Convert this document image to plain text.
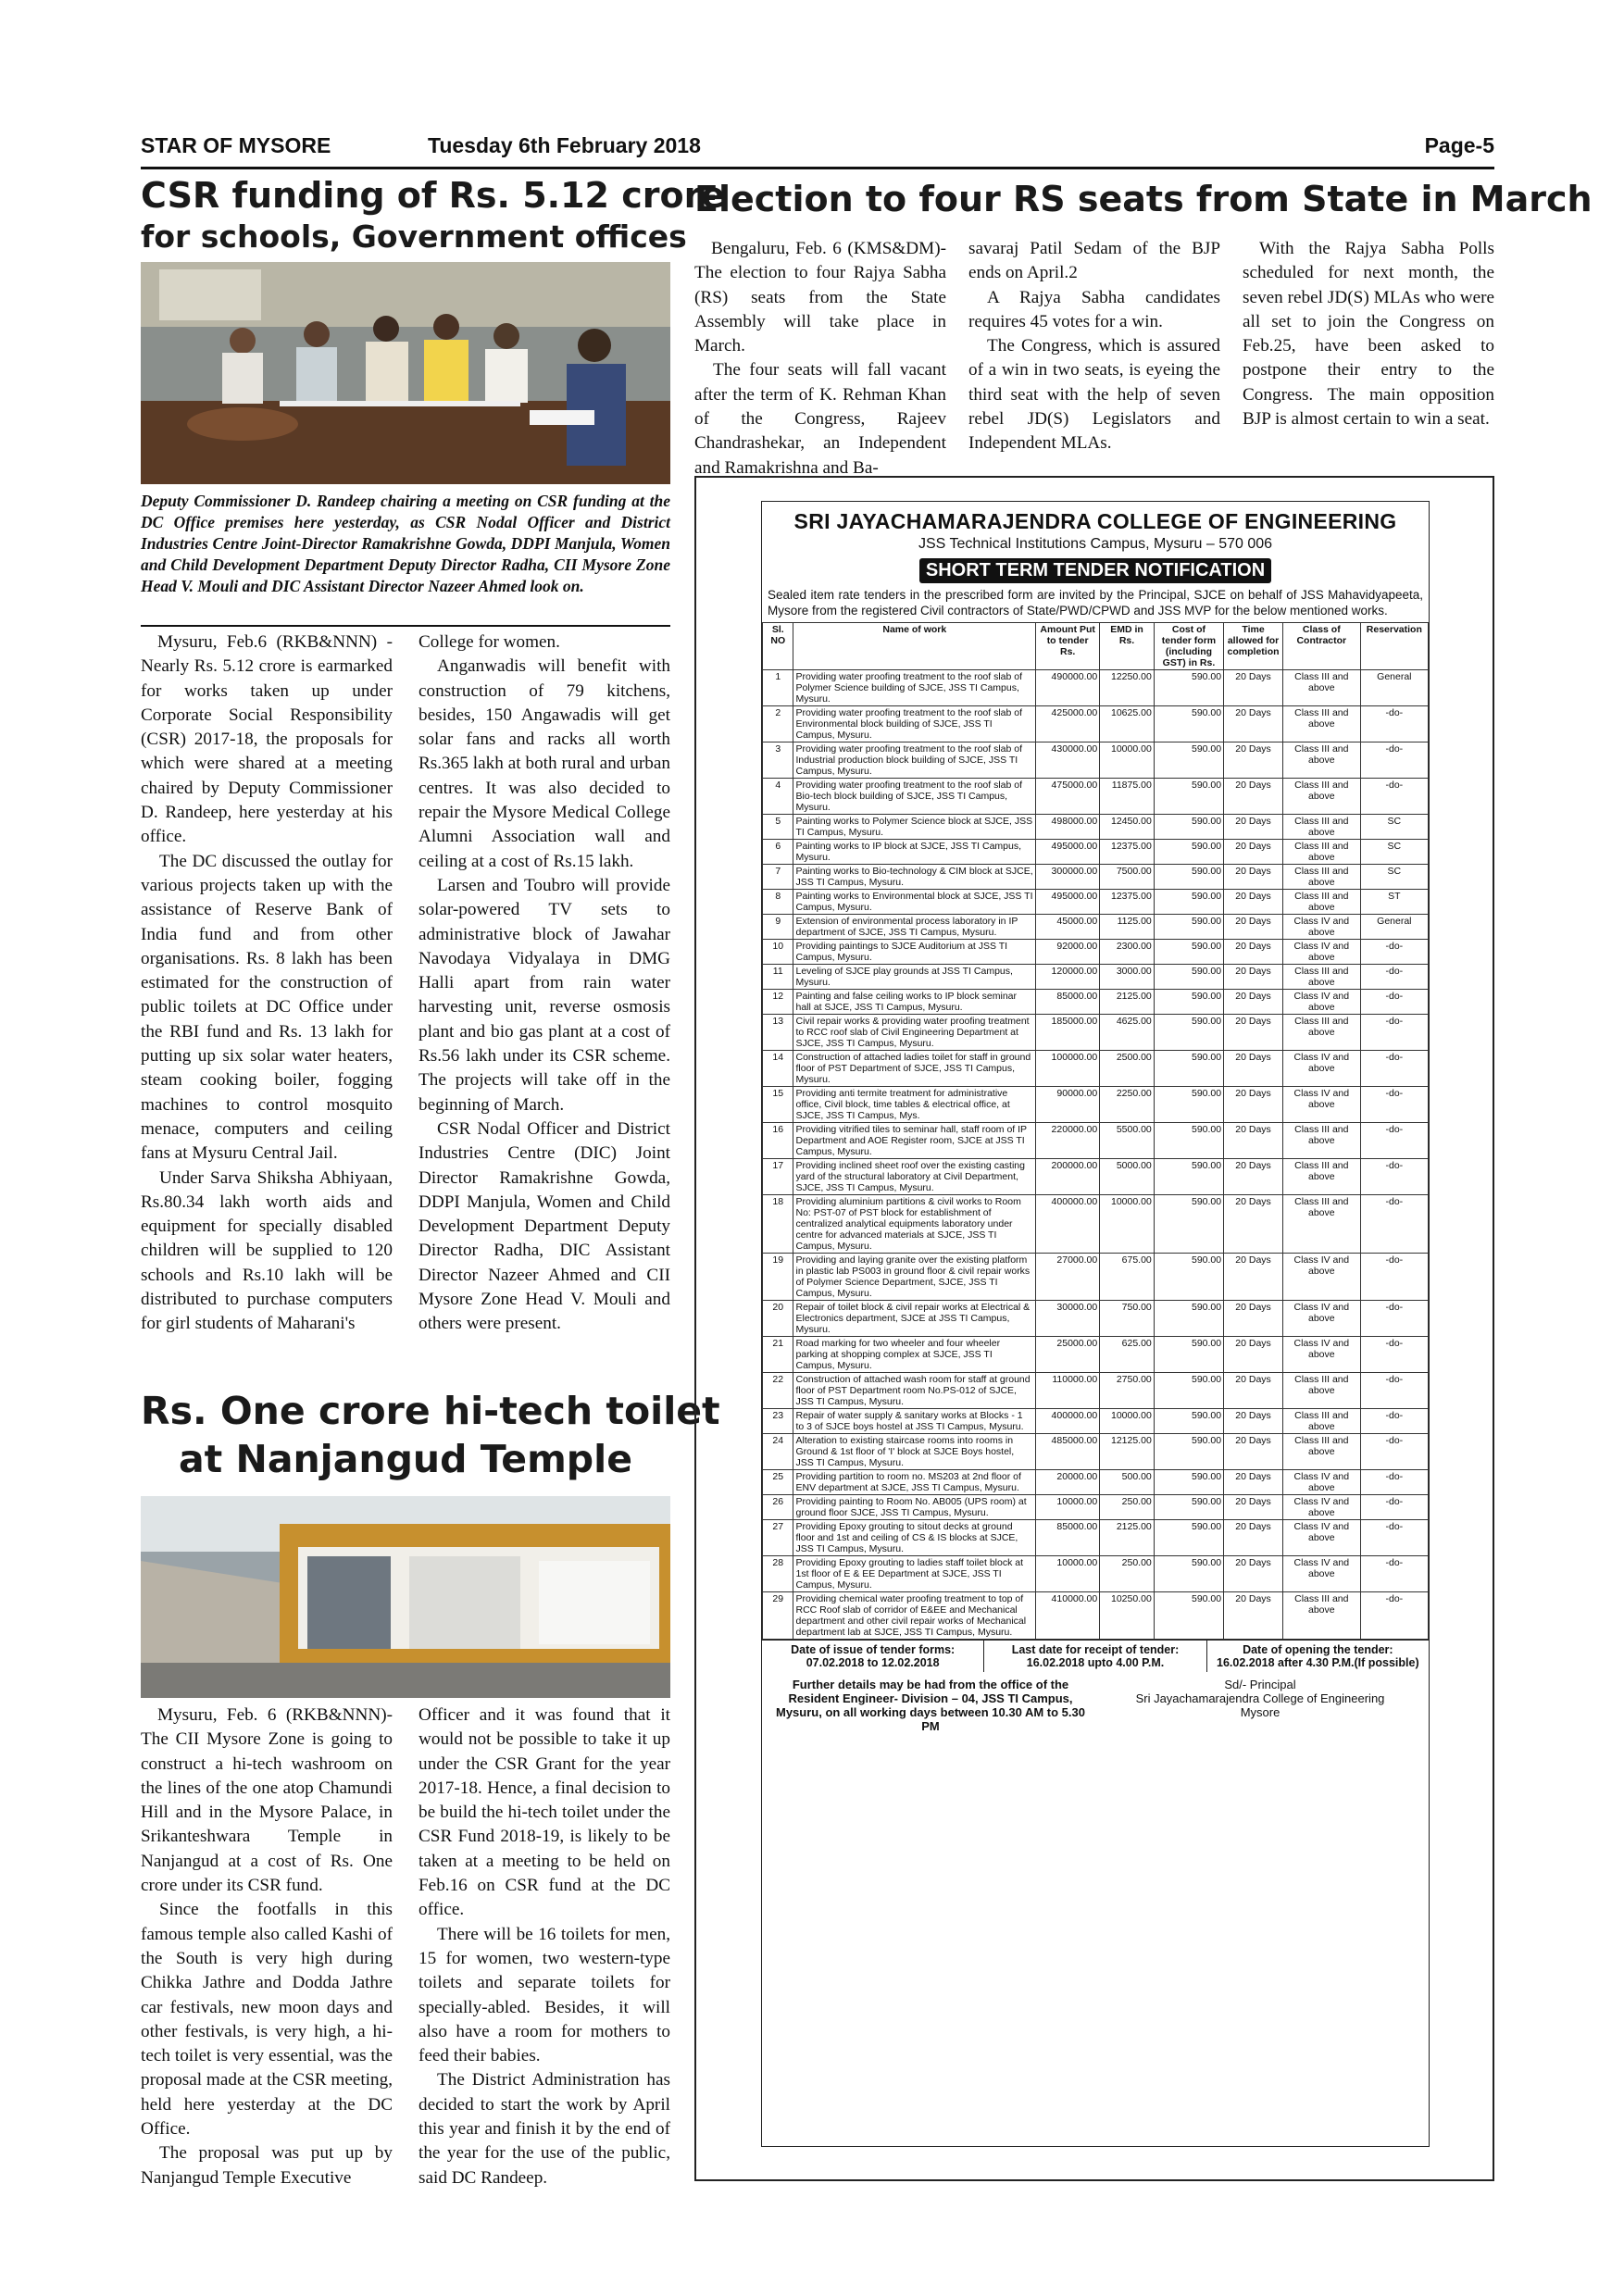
STAR OF MYSORE	Tuesday 6th February 2018	Page-5
CSR funding of Rs. 5.12 crore
for schools, Government offices
Deputy Commissioner D. Randeep chairing a meeting on CSR funding at the DC Office premises here yesterday, as CSR Nodal Officer and District Industries Centre Joint-Director Ramakrishne Gowda, DDPI Manjula, Women and Child Development Department Deputy Director Radha, CII Mysore Zone Head V. Mouli and DIC Assistant Director Nazeer Ahmed look on.

Mysuru, Feb.6 (RKB&NNN) - Nearly Rs. 5.12 crore is earmarked for works taken up under Corporate Social Responsibility (CSR) 2017-18, the proposals for which were shared at a meeting chaired by Deputy Commissioner D. Randeep, here yesterday at his office.

The DC discussed the outlay for various projects taken up with the assistance of Reserve Bank of India fund and from other organisations. Rs. 8 lakh has been estimated for the construction of public toilets at DC Office under the RBI fund and Rs. 13 lakh for putting up six solar water heaters, steam cooking boiler, fogging machines to control mosquito menace, computers and ceiling fans at Mysuru Central Jail.

Under Sarva Shiksha Abhiyaan, Rs.80.34 lakh worth aids and equipment for specially disabled children will be supplied to 120 schools and Rs.10 lakh will be distributed to purchase computers for girl students of Maharani's

College for women.

Anganwadis will benefit with construction of 79 kitchens, besides, 150 Angawadis will get solar fans and racks all worth Rs.365 lakh at both rural and urban centres. It was also decided to repair the Mysore Medical College Alumni Association wall and ceiling at a cost of Rs.15 lakh.

Larsen and Toubro will provide solar-powered TV sets to administrative block of Jawahar Navodaya Vidyalaya in DMG Halli apart from rain water harvesting unit, reverse osmosis plant and bio gas plant at a cost of Rs.56 lakh under its CSR scheme. The projects will take off in the beginning of March.

CSR Nodal Officer and District Industries Centre (DIC) Joint Director Ramakrishne Gowda, DDPI Manjula, Women and Child Development Department Deputy Director Radha, DIC Assistant Director Nazeer Ahmed and CII Mysore Zone Head V. Mouli and others were present.

Rs. One crore hi-tech toilet
at Nanjangud Temple

Mysuru, Feb. 6 (RKB&NNN)- The CII Mysore Zone is going to construct a hi-tech washroom on the lines of the one atop Chamundi Hill and in the Mysore Palace, in Srikanteshwara Temple in Nanjangud at a cost of Rs. One crore under its CSR fund.

Since the footfalls in this famous temple also called Kashi of the South is very high during Chikka Jathre and Dodda Jathre car festivals, new moon days and other festivals, is very high, a hi-tech toilet is very essential, was the proposal made at the CSR meeting, held here yesterday at the DC Office.

The proposal was put up by Nanjangud Temple Executive

Officer and it was found that it would not be possible to take it up under the CSR Grant for the year 2017-18. Hence, a final decision to be build the hi-tech toilet under the CSR Fund 2018-19, is likely to be taken at a meeting to be held on Feb.16 on CSR fund at the DC office.

There will be 16 toilets for men, 15 for women, two western-type toilets and separate toilets for specially-abled. Besides, it will also have a room for mothers to feed their babies.

The District Administration has decided to start the work by April this year and finish it by the end of the year for the use of the public, said DC Randeep.

Election to four RS seats from State in March

Bengaluru, Feb. 6 (KMS&DM)- The election to four Rajya Sabha (RS) seats from the State Assembly will take place in March.

The four seats will fall vacant after the term of K. Rehman Khan of the Congress, Rajeev Chandrashekar, an Independent and Ramakrishna and Ba-

savaraj Patil Sedam of the BJP ends on April.2

A Rajya Sabha candidates requires 45 votes for a win.

The Congress, which is assured of a win in two seats, is eyeing the third seat with the help of seven rebel JD(S) Legislators and Independent MLAs.

With the Rajya Sabha Polls scheduled for next month, the seven rebel JD(S) MLAs who were all set to join the Congress on Feb.25, have been asked to postpone their entry to the Congress. The main opposition BJP is almost certain to win a seat.

SRI JAYACHAMARAJENDRA COLLEGE OF ENGINEERING
JSS Technical Institutions Campus, Mysuru – 570 006
SHORT TERM TENDER NOTIFICATION
Sealed item rate tenders in the prescribed form are invited by the Principal, SJCE on behalf of JSS Mahavidyapeeta, Mysore from the registered Civil contractors of State/PWD/CPWD and JSS MVP for the below mentioned works.
Sl. NO	Name of work	Amount Put to tender Rs.	EMD in Rs.	Cost of tender form (including GST) in Rs.	Time allowed for completion	Class of Contractor	Reservation
1	Providing water proofing treatment to the roof slab of Polymer Science building of SJCE, JSS TI Campus, Mysuru.	490000.00	12250.00	590.00	20 Days	Class III and above	General
2	Providing water proofing treatment to the roof slab of Environmental block building of SJCE, JSS TI Campus, Mysuru.	425000.00	10625.00	590.00	20 Days	Class III and above	-do-
3	Providing water proofing treatment to the roof slab of Industrial production block building of SJCE, JSS TI Campus, Mysuru.	430000.00	10000.00	590.00	20 Days	Class III and above	-do-
4	Providing water proofing treatment to the roof slab of Bio-tech block building of SJCE, JSS TI Campus, Mysuru.	475000.00	11875.00	590.00	20 Days	Class III and above	-do-
5	Painting works to Polymer Science block at SJCE, JSS TI Campus, Mysuru.	498000.00	12450.00	590.00	20 Days	Class III and above	SC
6	Painting works to IP block at SJCE, JSS TI Campus, Mysuru.	495000.00	12375.00	590.00	20 Days	Class III and above	SC
7	Painting works to Bio-technology & CIM block at SJCE, JSS TI Campus, Mysuru.	300000.00	7500.00	590.00	20 Days	Class III and above	SC
8	Painting works to Environmental block at SJCE, JSS TI Campus, Mysuru.	495000.00	12375.00	590.00	20 Days	Class III and above	ST
9	Extension of environmental process laboratory in IP department of SJCE, JSS TI Campus, Mysuru.	45000.00	1125.00	590.00	20 Days	Class IV and above	General
10	Providing paintings to SJCE Auditorium at JSS TI Campus, Mysuru.	92000.00	2300.00	590.00	20 Days	Class IV and above	-do-
11	Leveling of SJCE play grounds at JSS TI Campus, Mysuru.	120000.00	3000.00	590.00	20 Days	Class III and above	-do-
12	Painting and false ceiling works to IP block seminar hall at SJCE, JSS TI Campus, Mysuru.	85000.00	2125.00	590.00	20 Days	Class IV and above	-do-
13	Civil repair works & providing water proofing treatment to RCC roof slab of Civil Engineering Department at SJCE, JSS TI Campus, Mysuru.	185000.00	4625.00	590.00	20 Days	Class III and above	-do-
14	Construction of attached ladies toilet for staff in ground floor of PST Department of SJCE, JSS TI Campus, Mysuru.	100000.00	2500.00	590.00	20 Days	Class IV and above	-do-
15	Providing anti termite treatment for administrative office, Civil block, time tables & electrical office, at SJCE, JSS TI Campus, Mys.	90000.00	2250.00	590.00	20 Days	Class IV and above	-do-
16	Providing vitrified tiles to seminar hall, staff room of IP Department and AOE Register room, SJCE at JSS TI Campus, Mysuru.	220000.00	5500.00	590.00	20 Days	Class III and above	-do-
17	Providing inclined sheet roof over the existing casting yard of the structural laboratory at Civil Department, SJCE, JSS TI Campus, Mysuru.	200000.00	5000.00	590.00	20 Days	Class III and above	-do-
18	Providing aluminium partitions & civil works to Room No: PST-07 of PST block for establishment of centralized analytical equipments laboratory under centre for advanced materials at SJCE, JSS TI Campus, Mysuru.	400000.00	10000.00	590.00	20 Days	Class III and above	-do-
19	Providing and laying granite over the existing platform in plastic lab PS003 in ground floor & civil repair works of Polymer Science Department, SJCE, JSS TI Campus, Mysuru.	27000.00	675.00	590.00	20 Days	Class IV and above	-do-
20	Repair of toilet block & civil repair works at Electrical & Electronics department, SJCE at JSS TI Campus, Mysuru.	30000.00	750.00	590.00	20 Days	Class IV and above	-do-
21	Road marking for two wheeler and four wheeler parking at shopping complex at SJCE, JSS TI Campus, Mysuru.	25000.00	625.00	590.00	20 Days	Class IV and above	-do-
22	Construction of attached wash room for staff at ground floor of PST Department room No.PS-012 of SJCE, JSS TI Campus, Mysuru.	110000.00	2750.00	590.00	20 Days	Class III and above	-do-
23	Repair of water supply & sanitary works at Blocks - 1 to 3 of SJCE boys hostel at JSS TI Campus, Mysuru.	400000.00	10000.00	590.00	20 Days	Class III and above	-do-
24	Alteration to existing staircase rooms into rooms in Ground & 1st floor of 'I' block at SJCE Boys hostel, JSS TI Campus, Mysuru.	485000.00	12125.00	590.00	20 Days	Class III and above	-do-
25	Providing partition to room no. MS203 at 2nd floor of ENV department at SJCE, JSS TI Campus, Mysuru.	20000.00	500.00	590.00	20 Days	Class IV and above	-do-
26	Providing painting to Room No. AB005 (UPS room) at ground floor SJCE, JSS TI Campus, Mysuru.	10000.00	250.00	590.00	20 Days	Class IV and above	-do-
27	Providing Epoxy grouting to sitout decks at ground floor and 1st and ceiling of CS & IS blocks at SJCE, JSS TI Campus, Mysuru.	85000.00	2125.00	590.00	20 Days	Class IV and above	-do-
28	Providing Epoxy grouting to ladies staff toilet block at 1st floor of E & EE Department at SJCE, JSS TI Campus, Mysuru.	10000.00	250.00	590.00	20 Days	Class IV and above	-do-
29	Providing chemical water proofing treatment to top of RCC Roof slab of corridor of E&EE and Mechanical department and other civil repair works of Mechanical department lab at SJCE, JSS TI Campus, Mysuru.	410000.00	10250.00	590.00	20 Days	Class III and above	-do-
Date of issue of tender forms:
07.02.2018 to 12.02.2018
Last date for receipt of tender:
16.02.2018 upto 4.00 P.M.
Date of opening the tender:
16.02.2018 after 4.30 P.M.(If possible)
Further details may be had from the office of the Resident Engineer- Division – 04, JSS TI Campus, Mysuru, on all working days between 10.30 AM to 5.30 PM
Sd/- Principal
Sri Jayachamarajendra College of Engineering
Mysore
